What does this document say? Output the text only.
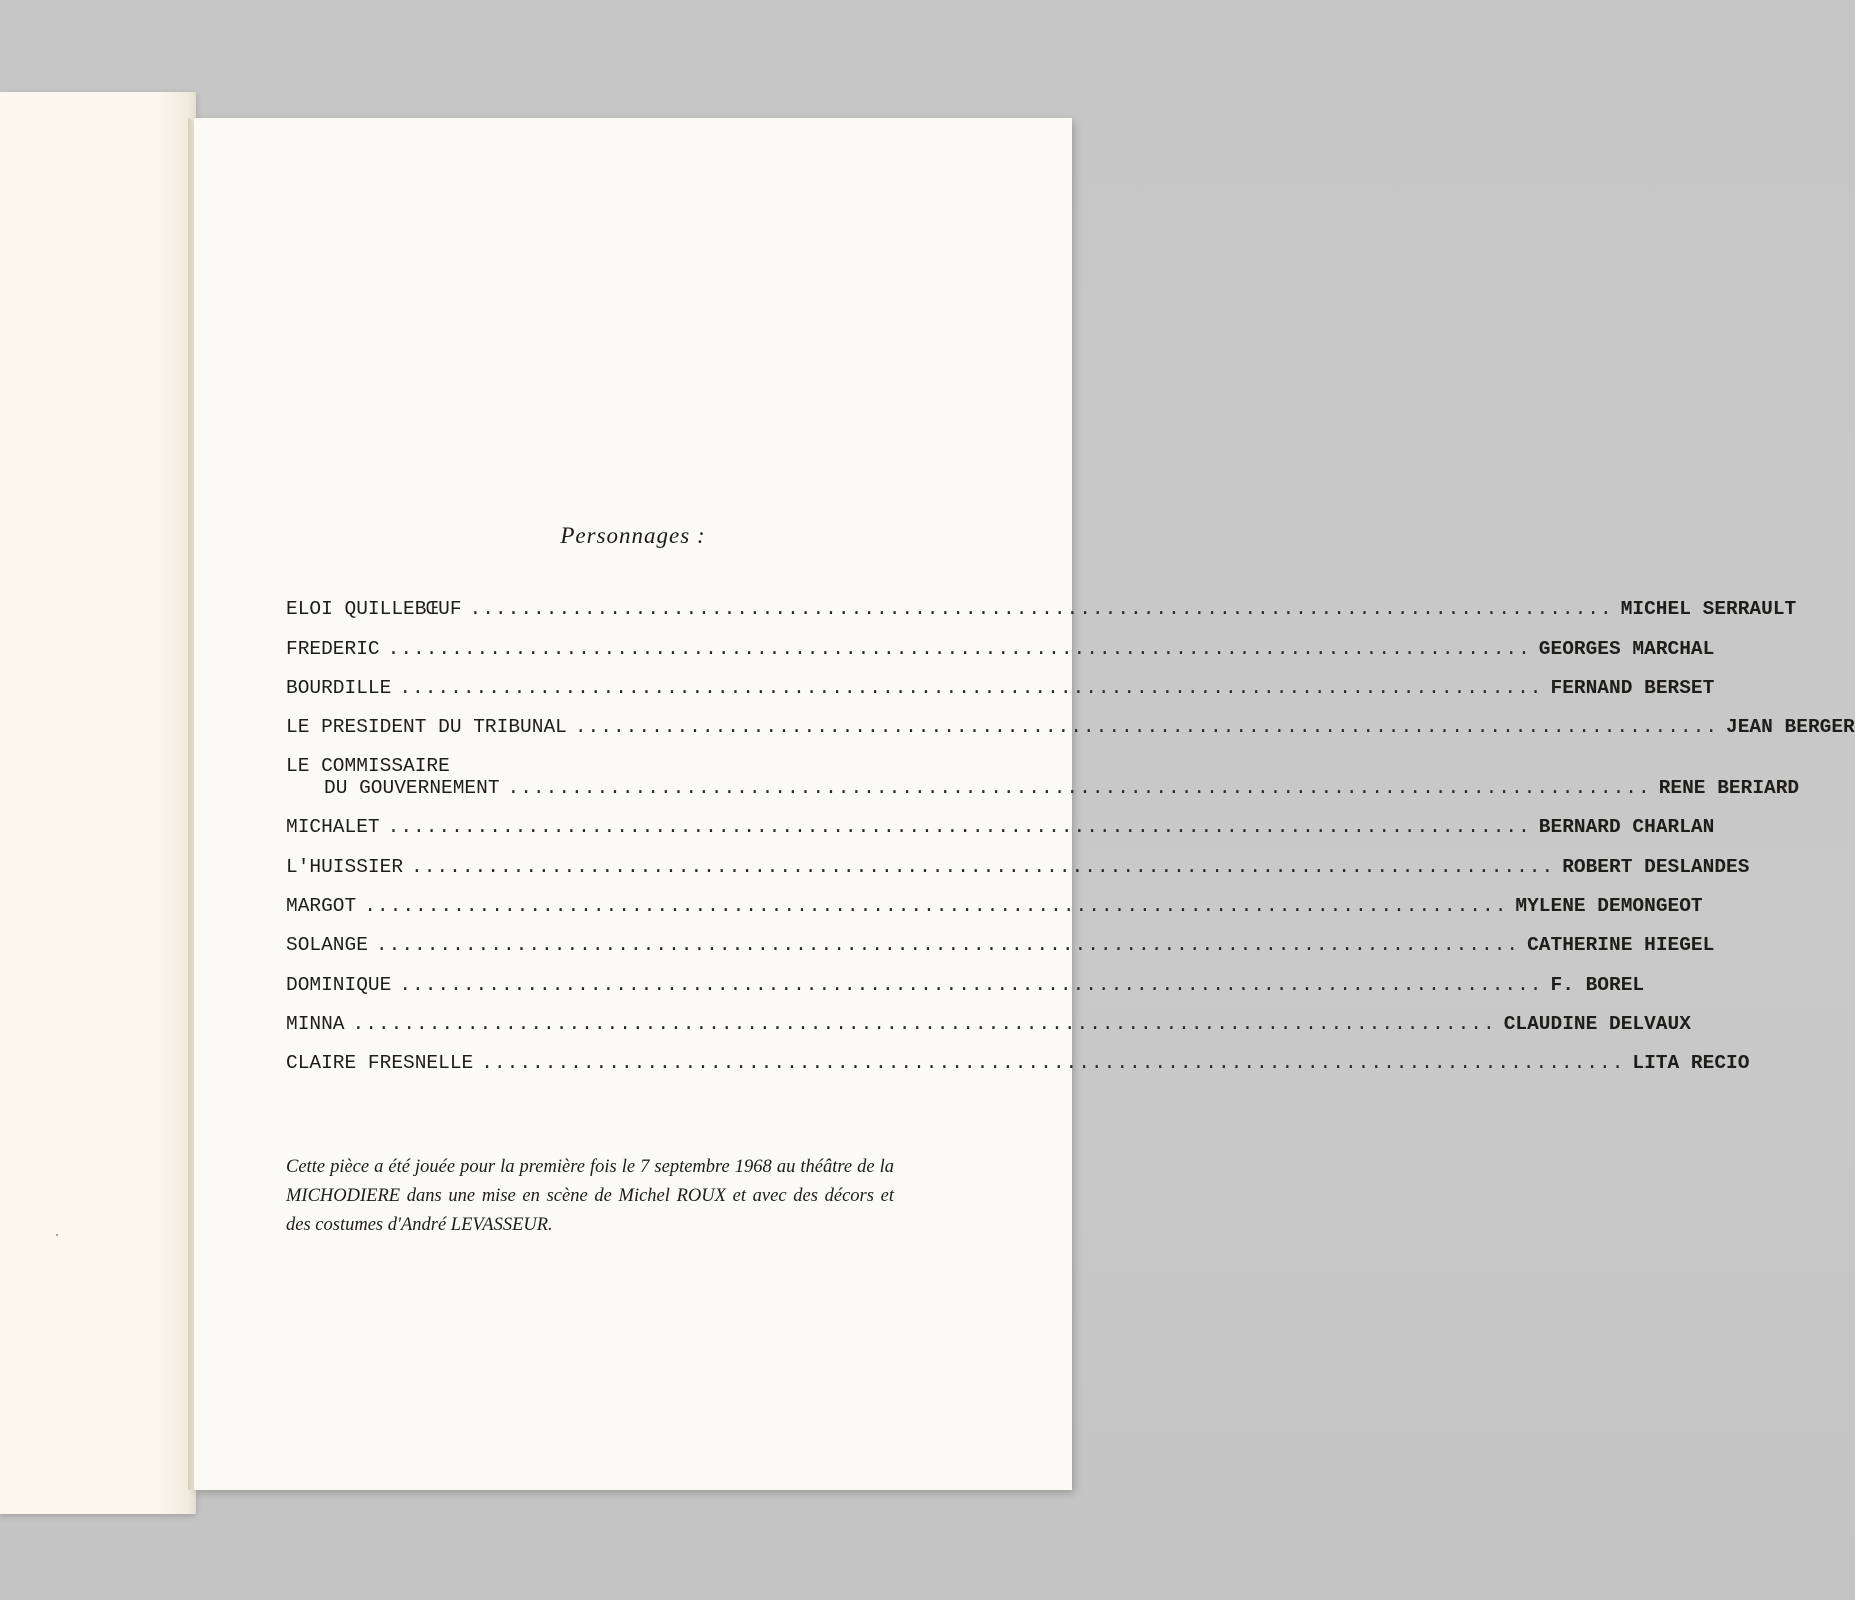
Personnages :
ELOI QUILLEBŒUF .......................................................................................... MICHEL SERRAULT
FREDERIC .......................................................................................... GEORGES MARCHAL
BOURDILLE .......................................................................................... FERNAND BERSET
LE PRESIDENT DU TRIBUNAL .......................................................................................... JEAN BERGER
LE COMMISSAIRE
DU GOUVERNEMENT .......................................................................................... RENE BERIARD
MICHALET .......................................................................................... BERNARD CHARLAN
L'HUISSIER .......................................................................................... ROBERT DESLANDES
MARGOT .......................................................................................... MYLENE DEMONGEOT
SOLANGE .......................................................................................... CATHERINE HIEGEL
DOMINIQUE .......................................................................................... F. BOREL
MINNA .......................................................................................... CLAUDINE DELVAUX
CLAIRE FRESNELLE .......................................................................................... LITA RECIO
Cette pièce a été jouée pour la première fois le 7 septembre 1968 au théâtre de la MICHODIERE dans une mise en scène de Michel ROUX et avec des décors et des costumes d'André LEVASSEUR.
